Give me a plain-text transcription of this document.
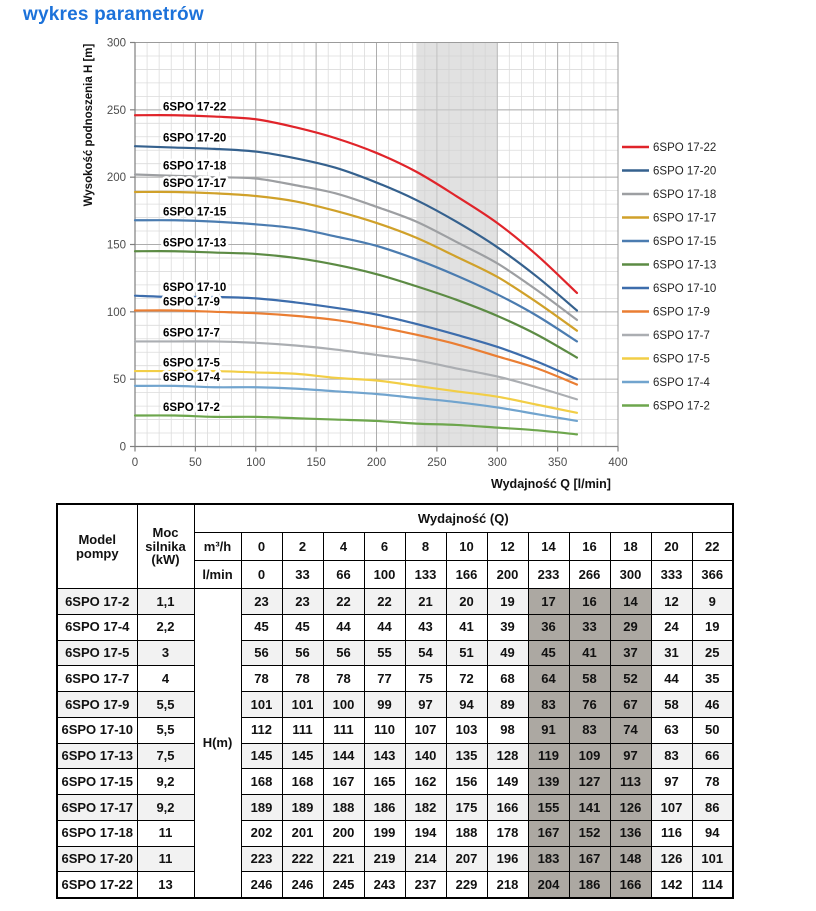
wykres parametrów
6SPO 17-22
6SPO 17-20
6SPO 17-18
6SPO 17-17
6SPO 17-15
6SPO 17-13
6SPO 17-10
6SPO 17-9
6SPO 17-7
6SPO 17-5
6SPO 17-4
6SPO 17-2
0	50	100	150	200	250	300	350	400
0
50
100
150
200
250
300
Wysokość podnoszenia H [m]
Wydajność Q [l/min]
6SPO 17-22
6SPO 17-20
6SPO 17-18
6SPO 17-17
6SPO 17-15
6SPO 17-13
6SPO 17-10
6SPO 17-9
6SPO 17-7
6SPO 17-5
6SPO 17-4
6SPO 17-2
Model pompy	Moc silnika (kW)	Wydajność (Q)												
		m³/h	0	2	4	6	8	10	12	14	16	18	20	22
		l/min	0	33	66	100	133	166	200	233	266	300	333	366
6SPO 17-2	1,1	H(m)	23	23	22	22	21	20	19	17	16	14	12	9
6SPO 17-4	2,2		45	45	44	44	43	41	39	36	33	29	24	19
6SPO 17-5	3		56	56	56	55	54	51	49	45	41	37	31	25
6SPO 17-7	4		78	78	78	77	75	72	68	64	58	52	44	35
6SPO 17-9	5,5		101	101	100	99	97	94	89	83	76	67	58	46
6SPO 17-10	5,5		112	111	111	110	107	103	98	91	83	74	63	50
6SPO 17-13	7,5		145	145	144	143	140	135	128	119	109	97	83	66
6SPO 17-15	9,2		168	168	167	165	162	156	149	139	127	113	97	78
6SPO 17-17	9,2		189	189	188	186	182	175	166	155	141	126	107	86
6SPO 17-18	11		202	201	200	199	194	188	178	167	152	136	116	94
6SPO 17-20	11		223	222	221	219	214	207	196	183	167	148	126	101
6SPO 17-22	13		246	246	245	243	237	229	218	204	186	166	142	114
